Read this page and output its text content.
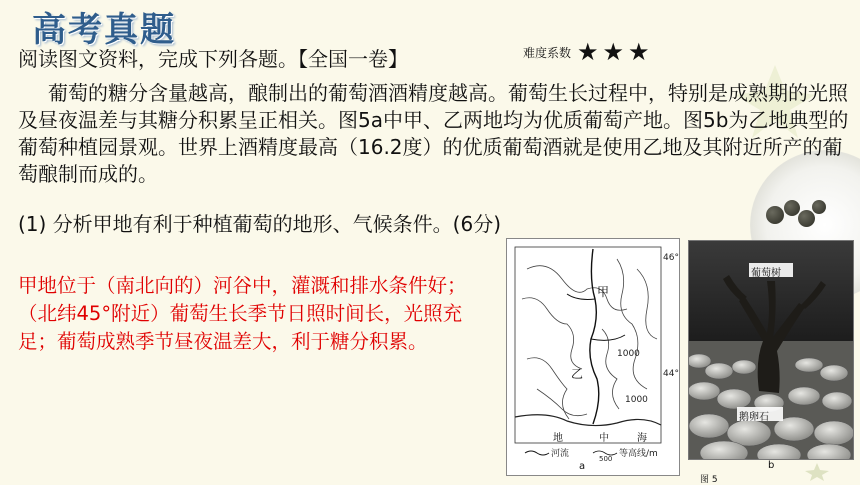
高考真题
难度系数 ★ ★ ★

阅读图文资料，完成下列各题。【全国一卷】

葡萄的糖分含量越高，酿制出的葡萄酒酒精度越高。葡萄生长过程中，特别是成熟期的光照及昼夜温差与其糖分积累呈正相关。图5a中甲、乙两地均为优质葡萄产地。图5b为乙地典型的葡萄种植园景观。世界上酒精度最高（16.2度）的优质葡萄酒就是使用乙地及其附近所产的葡萄酿制而成的。

(1) 分析甲地有利于种植葡萄的地形、气候条件。(6分)

甲地位于（南北向的）河谷中，灌溉和排水条件好；（北纬45°附近）葡萄生长季节日照时间长，光照充足；葡萄成熟季节昼夜温差大，利于糖分积累。

甲
乙
46°
44°
1000
1000
地	中	海
河流	500 等高线/m
a
葡萄树
鹅卵石
b
图 5
